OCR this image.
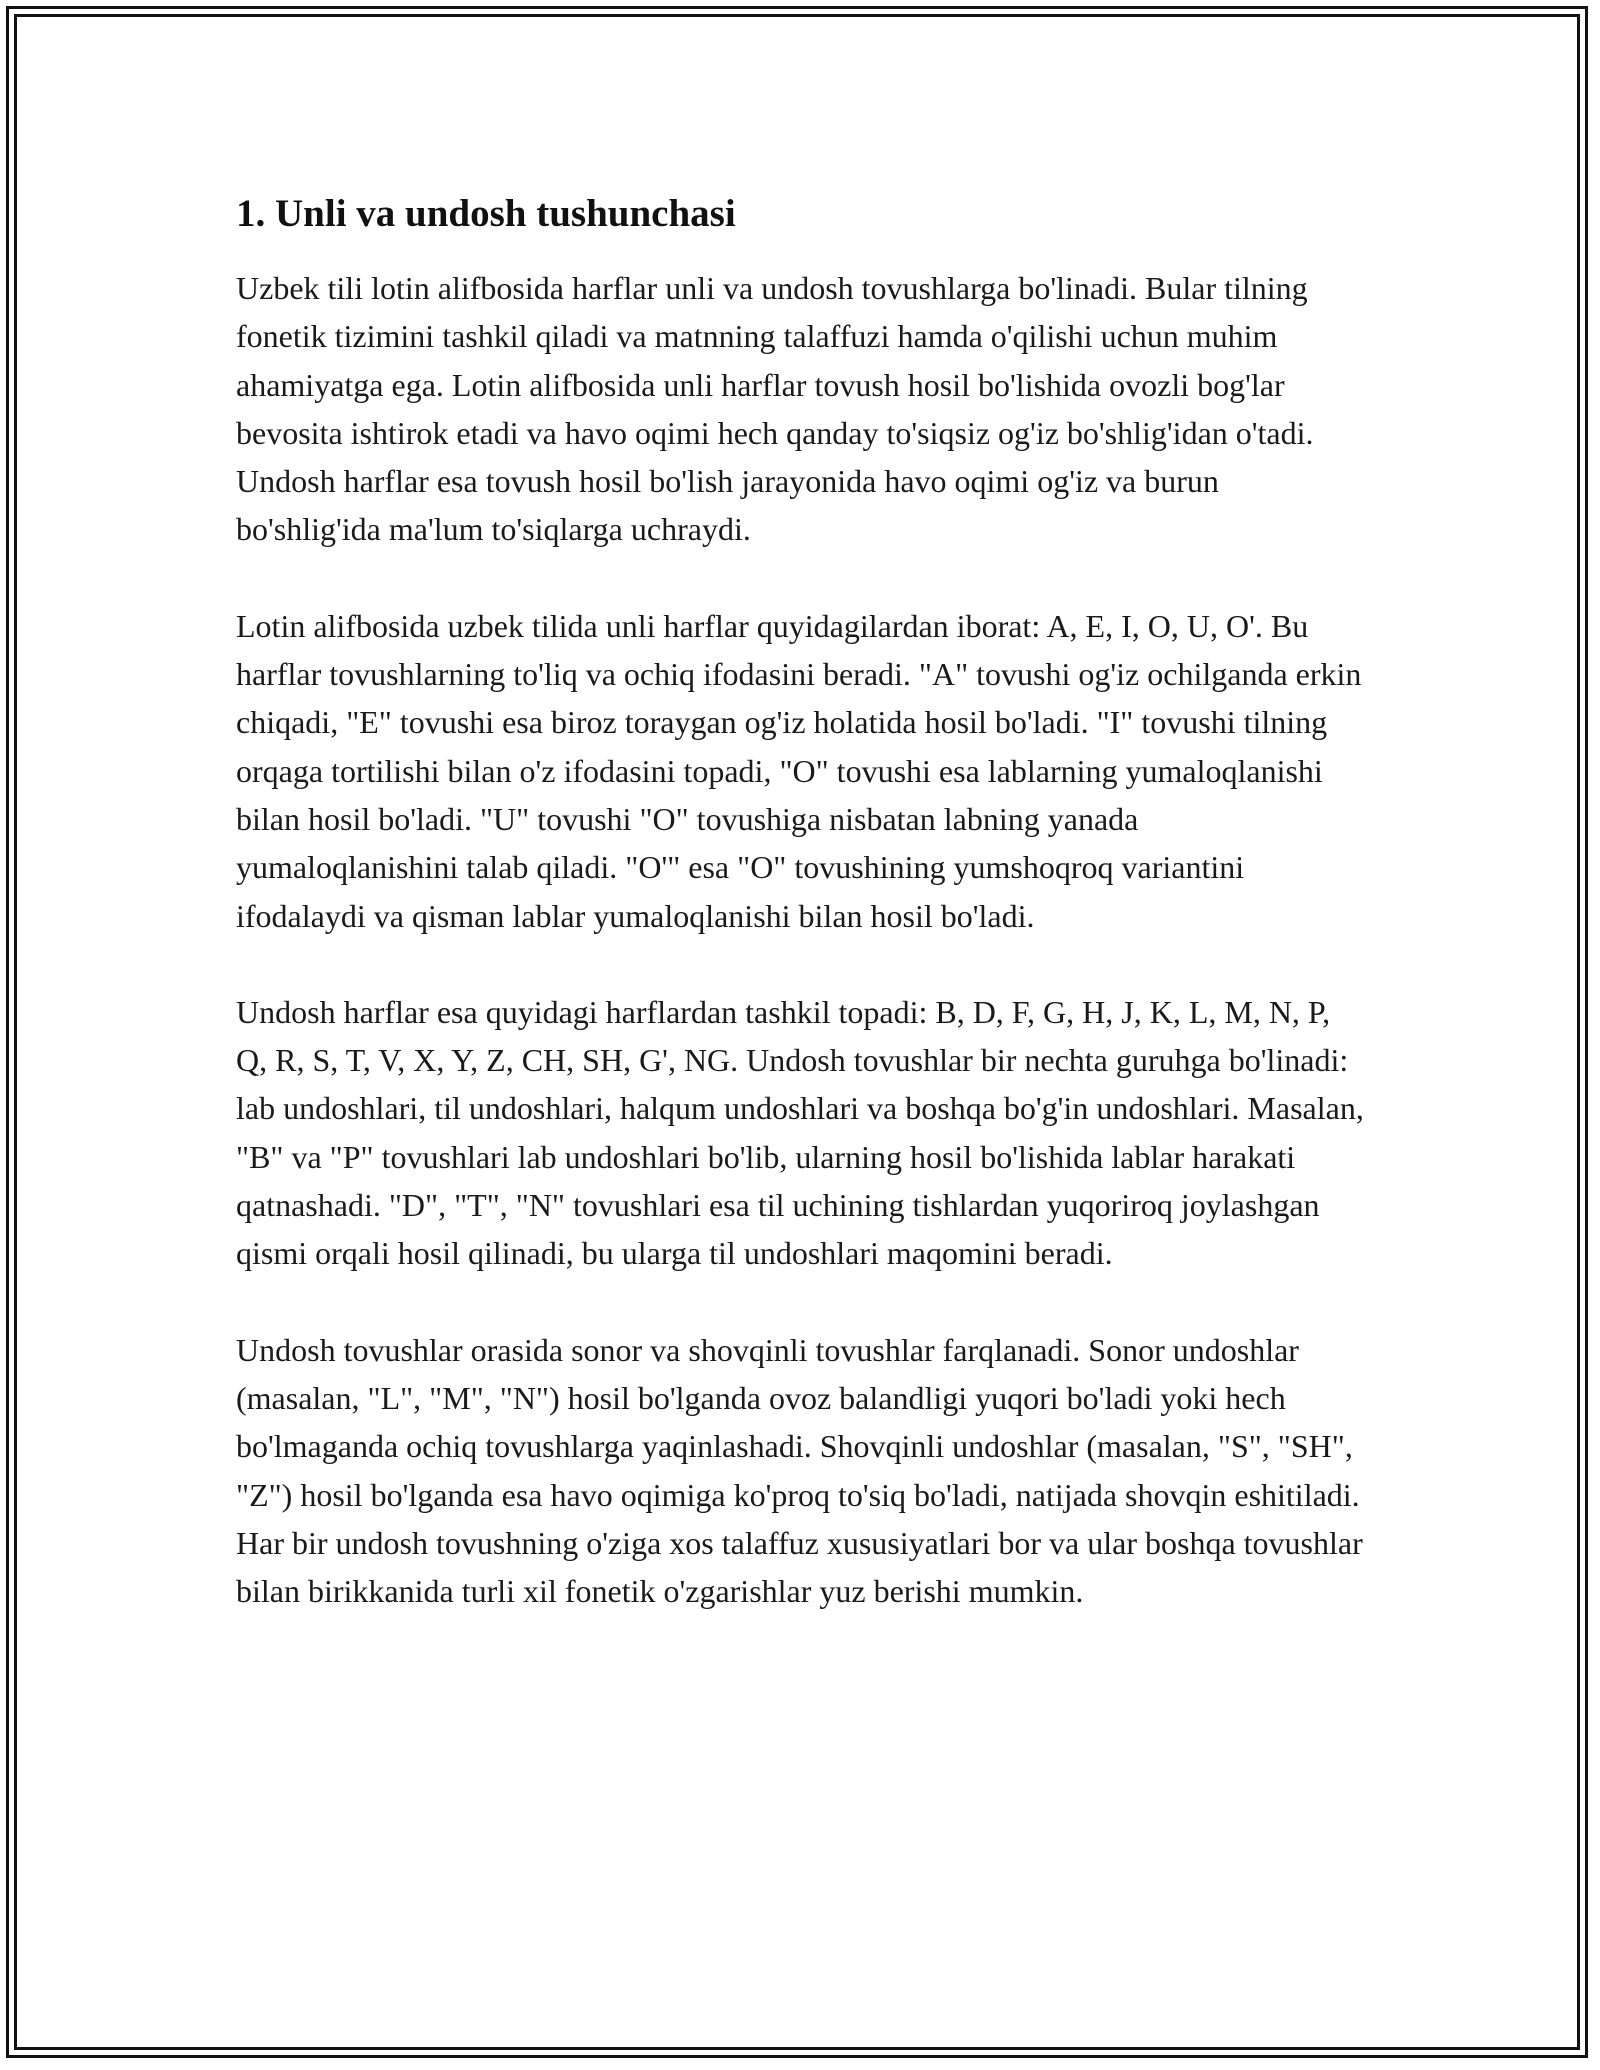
1. Unli va undosh tushunchasi

Uzbek tili lotin alifbosida harflar unli va undosh tovushlarga bo'linadi. Bular tilning fonetik tizimini tashkil qiladi va matnning talaffuzi hamda o'qilishi uchun muhim ahamiyatga ega. Lotin alifbosida unli harflar tovush hosil bo'lishida ovozli bog'lar bevosita ishtirok etadi va havo oqimi hech qanday to'siqsiz og'iz bo'shlig'idan o'tadi. Undosh harflar esa tovush hosil bo'lish jarayonida havo oqimi og'iz va burun bo'shlig'ida ma'lum to'siqlarga uchraydi.

Lotin alifbosida uzbek tilida unli harflar quyidagilardan iborat: A, E, I, O, U, O'. Bu harflar tovushlarning to'liq va ochiq ifodasini beradi. "A" tovushi og'iz ochilganda erkin chiqadi, "E" tovushi esa biroz toraygan og'iz holatida hosil bo'ladi. "I" tovushi tilning orqaga tortilishi bilan o'z ifodasini topadi, "O" tovushi esa lablarning yumaloqlanishi bilan hosil bo'ladi. "U" tovushi "O" tovushiga nisbatan labning yanada yumaloqlanishini talab qiladi. "O'" esa "O" tovushining yumshoqroq variantini ifodalaydi va qisman lablar yumaloqlanishi bilan hosil bo'ladi.

Undosh harflar esa quyidagi harflardan tashkil topadi: B, D, F, G, H, J, K, L, M, N, P, Q, R, S, T, V, X, Y, Z, CH, SH, G', NG. Undosh tovushlar bir nechta guruhga bo'linadi: lab undoshlari, til undoshlari, halqum undoshlari va boshqa bo'g'in undoshlari. Masalan, "B" va "P" tovushlari lab undoshlari bo'lib, ularning hosil bo'lishida lablar harakati qatnashadi. "D", "T", "N" tovushlari esa til uchining tishlardan yuqoriroq joylashgan qismi orqali hosil qilinadi, bu ularga til undoshlari maqomini beradi.

Undosh tovushlar orasida sonor va shovqinli tovushlar farqlanadi. Sonor undoshlar (masalan, "L", "M", "N") hosil bo'lganda ovoz balandligi yuqori bo'ladi yoki hech bo'lmaganda ochiq tovushlarga yaqinlashadi. Shovqinli undoshlar (masalan, "S", "SH", "Z") hosil bo'lganda esa havo oqimiga ko'proq to'siq bo'ladi, natijada shovqin eshitiladi. Har bir undosh tovushning o'ziga xos talaffuz xususiyatlari bor va ular boshqa tovushlar bilan birikkanida turli xil fonetik o'zgarishlar yuz berishi mumkin.
